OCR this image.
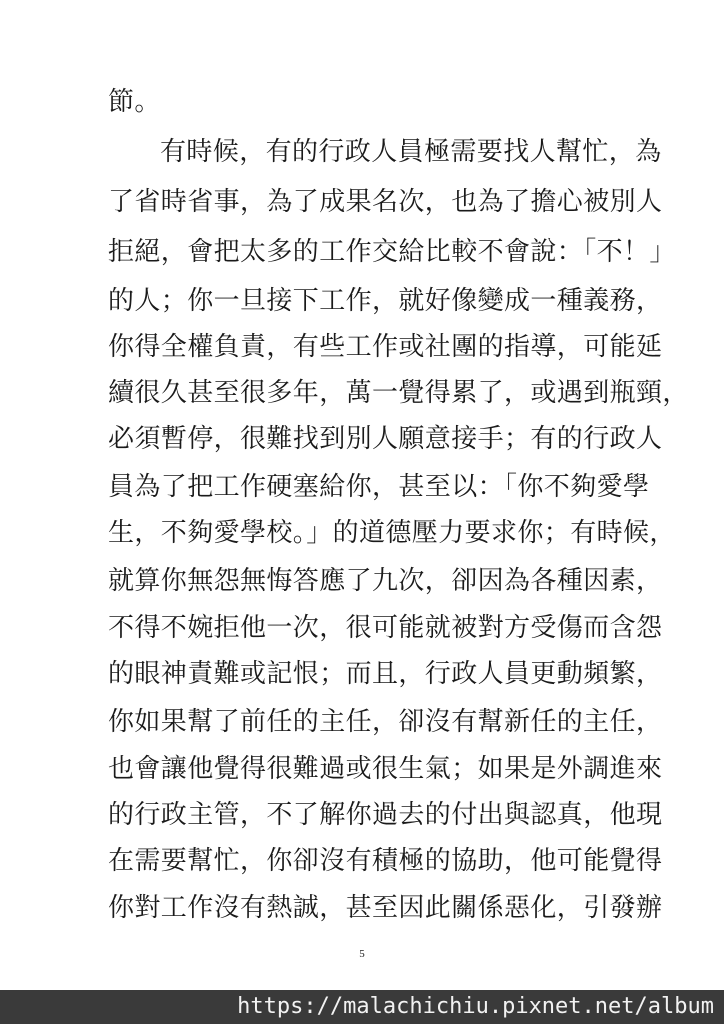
節。
有時候，有的行政人員極需要找人幫忙，為
了省時省事，為了成果名次，也為了擔心被別人
拒絕，會把太多的工作交給比較不會說：「不！」
的人；你一旦接下工作，就好像變成一種義務，
你得全權負責，有些工作或社團的指導，可能延
續很久甚至很多年，萬一覺得累了，或遇到瓶頸，
必須暫停，很難找到別人願意接手；有的行政人
員為了把工作硬塞給你，甚至以：「你不夠愛學
生，不夠愛學校。」的道德壓力要求你；有時候，
就算你無怨無悔答應了九次，卻因為各種因素，
不得不婉拒他一次，很可能就被對方受傷而含怨
的眼神責難或記恨；而且，行政人員更動頻繁，
你如果幫了前任的主任，卻沒有幫新任的主任，
也會讓他覺得很難過或很生氣；如果是外調進來
的行政主管，不了解你過去的付出與認真，他現
在需要幫忙，你卻沒有積極的協助，他可能覺得
你對工作沒有熱誠，甚至因此關係惡化，引發辦
5
https://malachichiu.pixnet.net/album
